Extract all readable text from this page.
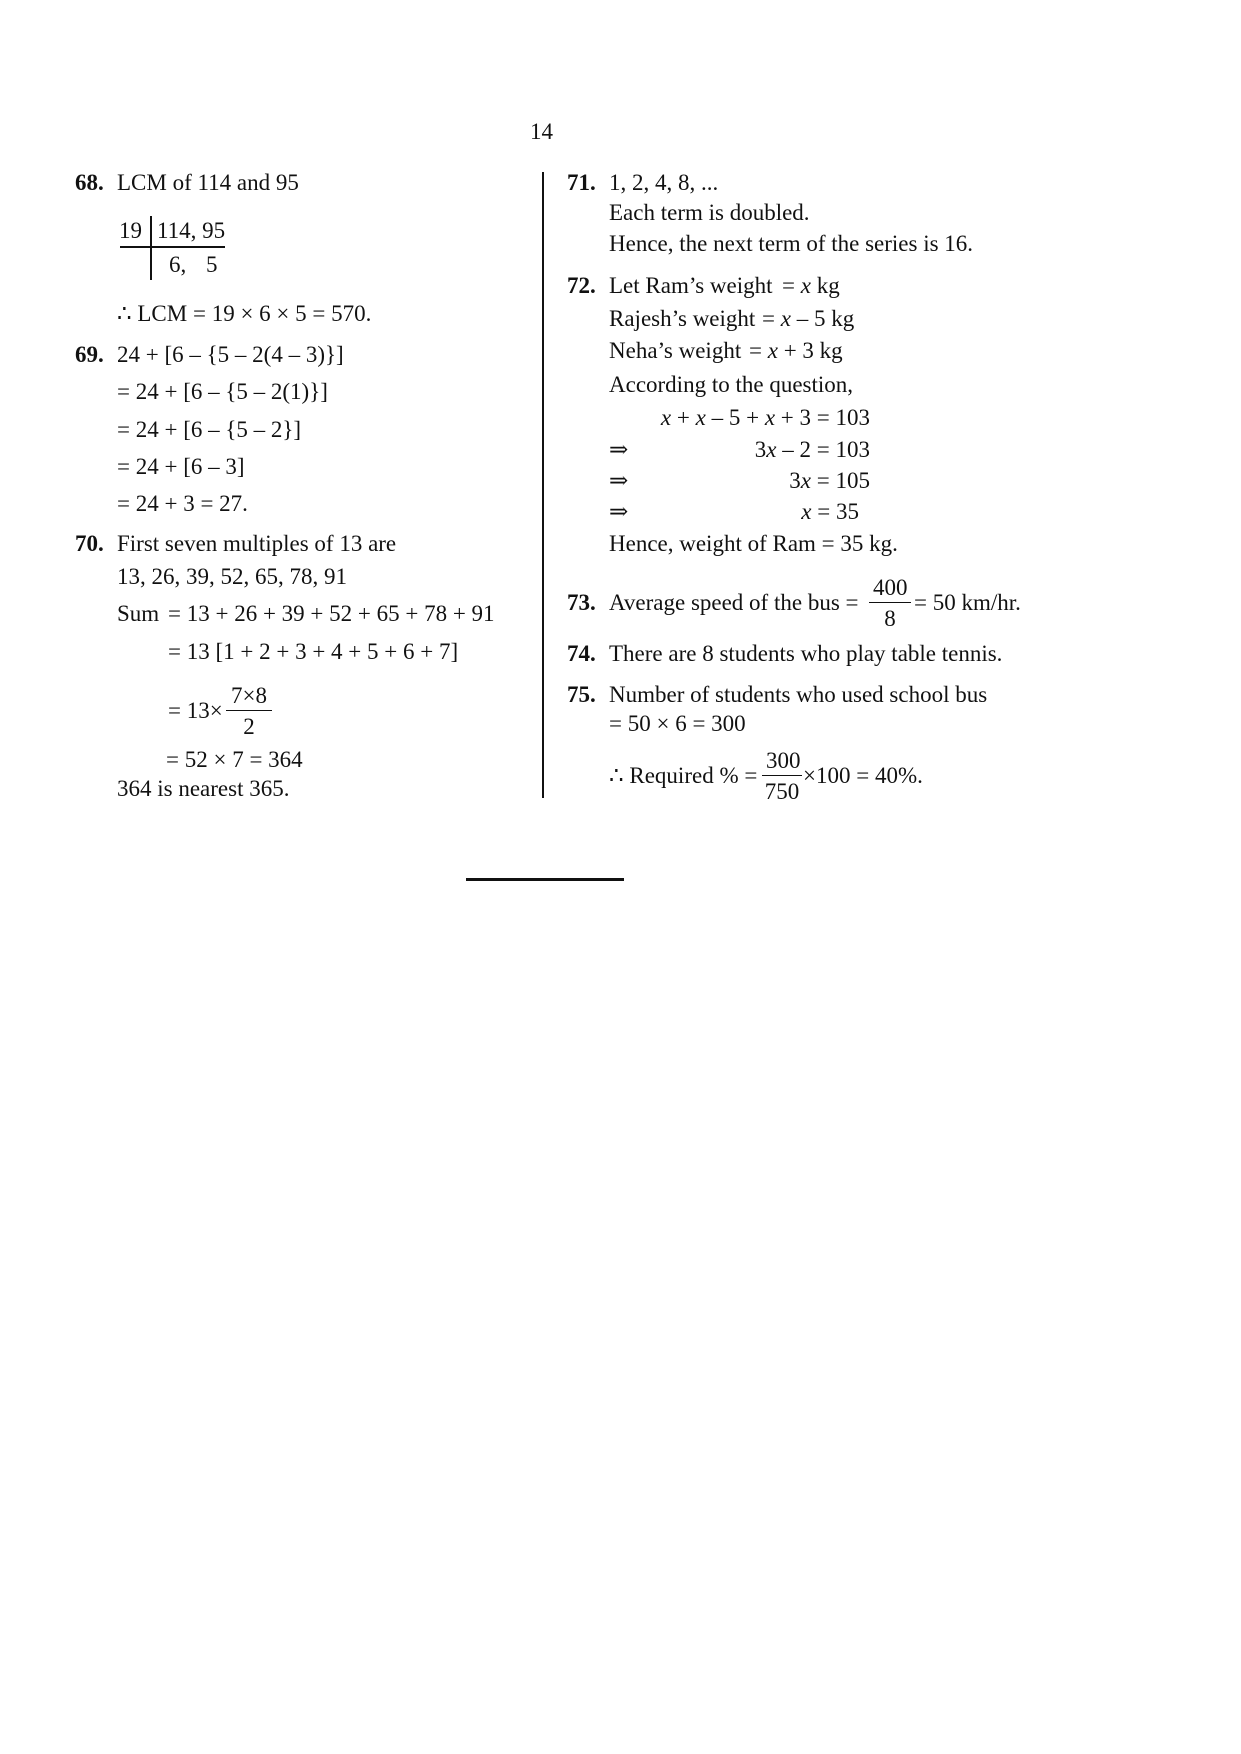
14
68. LCM of 114 and 95
19 114, 95
6, 5
∴ LCM = 19 × 6 × 5 = 570.
69. 24 + [6 – {5 – 2(4 – 3)}]
= 24 + [6 – {5 – 2(1)}]
= 24 + [6 – {5 – 2}]
= 24 + [6 – 3]
= 24 + 3 = 27.
70. First seven multiples of 13 are
13, 26, 39, 52, 65, 78, 91
Sum = 13 + 26 + 39 + 52 + 65 + 78 + 91
= 13 [1 + 2 + 3 + 4 + 5 + 6 + 7]
= 13×
7×8
2
= 52 × 7 = 364
364 is nearest 365.
71. 1, 2, 4, 8, ...
Each term is doubled.
Hence, the next term of the series is 16.
72. Let Ram’s weight = x kg
Rajesh’s weight = x – 5 kg
Neha’s weight = x + 3 kg
According to the question,
x + x – 5 + x + 3 = 103
⇒	3x – 2 = 103
⇒	3x = 105
⇒	x = 35
Hence, weight of Ram = 35 kg.
73. Average speed of the bus =
400
8
= 50 km/hr.
74. There are 8 students who play table tennis.
75. Number of students who used school bus
= 50 × 6 = 300
∴ Required % =
300
750
×100 = 40%.
